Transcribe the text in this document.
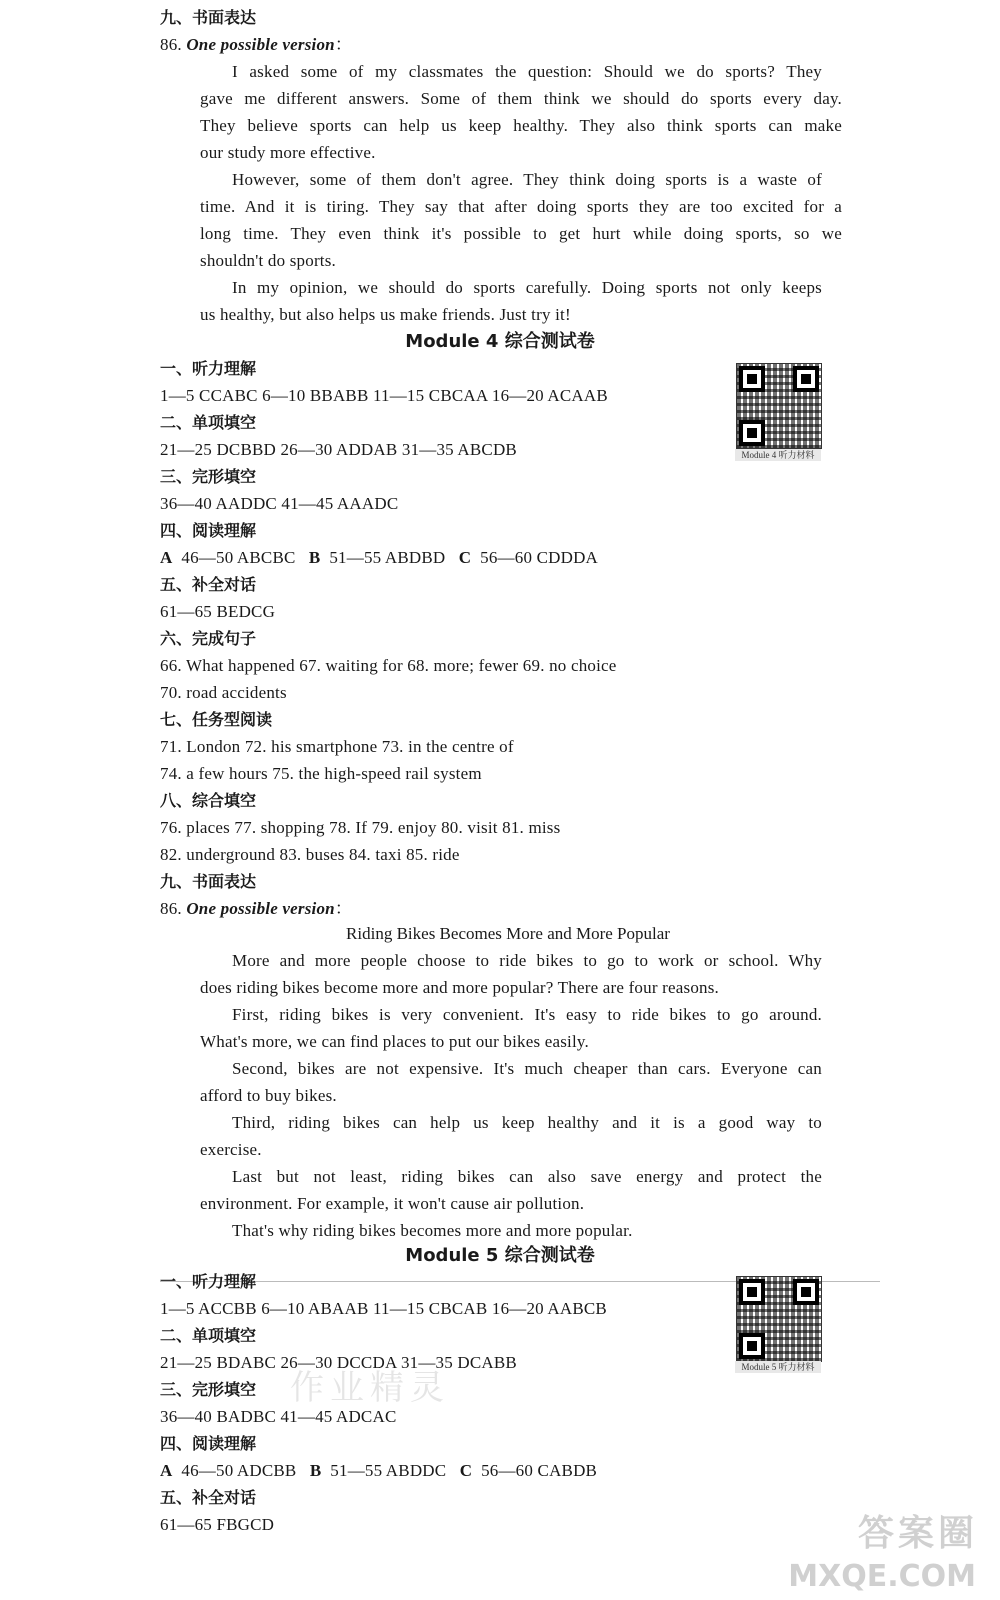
九、书面表达
86. One possible version：
I asked some of my classmates the question: Should we do sports? They
gave me different answers. Some of them think we should do sports every day.
They believe sports can help us keep healthy. They also think sports can make
our study more effective.
However, some of them don't agree. They think doing sports is a waste of
time. And it is tiring. They say that after doing sports they are too excited for a
long time. They even think it's possible to get hurt while doing sports, so we
shouldn't do sports.
In my opinion, we should do sports carefully. Doing sports not only keeps
us healthy, but also helps us make friends. Just try it!
Module 4 综合测试卷
Module 4 听力材料
一、听力理解
1—5 CCABC 6—10 BBABB 11—15 CBCAA 16—20 ACAAB
二、单项填空
21—25 DCBBD 26—30 ADDAB 31—35 ABCDB
三、完形填空
36—40 AADDC 41—45 AAADC
四、阅读理解
A 46—50 ABCBC B 51—55 ABDBD C 56—60 CDDDA
五、补全对话
61—65 BEDCG
六、完成句子
66. What happened 67. waiting for 68. more; fewer 69. no choice
70. road accidents
七、任务型阅读
71. London 72. his smartphone 73. in the centre of
74. a few hours 75. the high-speed rail system
八、综合填空
76. places 77. shopping 78. If 79. enjoy 80. visit 81. miss
82. underground 83. buses 84. taxi 85. ride
九、书面表达
86. One possible version：
Riding Bikes Becomes More and More Popular
More and more people choose to ride bikes to go to work or school. Why
does riding bikes become more and more popular? There are four reasons.
First, riding bikes is very convenient. It's easy to ride bikes to go around.
What's more, we can find places to put our bikes easily.
Second, bikes are not expensive. It's much cheaper than cars. Everyone can
afford to buy bikes.
Third, riding bikes can help us keep healthy and it is a good way to
exercise.
Last but not least, riding bikes can also save energy and protect the
environment. For example, it won't cause air pollution.
That's why riding bikes becomes more and more popular.
Module 5 综合测试卷
Module 5 听力材料
一、听力理解
1—5 ACCBB 6—10 ABAAB 11—15 CBCAB 16—20 AABCB
二、单项填空
21—25 BDABC 26—30 DCCDA 31—35 DCABB
三、完形填空
36—40 BADBC 41—45 ADCAC
四、阅读理解
A 46—50 ADCBB B 51—55 ABDDC C 56—60 CABDB
五、补全对话
61—65 FBGCD
作业精灵
答案圈
MXQE.COM
